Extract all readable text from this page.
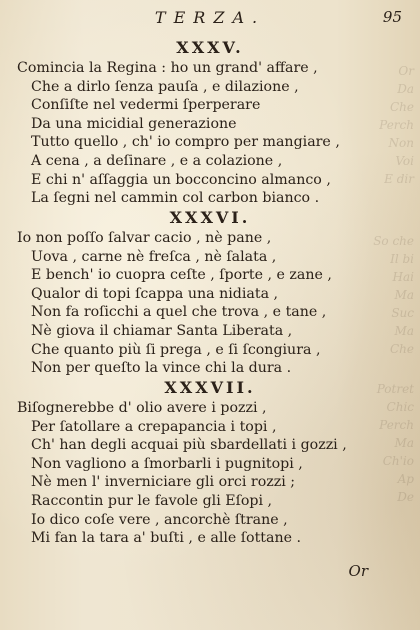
Or
Da
Che
Perch
Non
Voi
E dir
So che
Il bi
Hai
Ma
Suc
Ma
Che
Potret
Chic
Perch
Ma
Ch'io
Ap
De
TERZA.	95
XXXV.
Comincia la Regina : ho un grand' affare ,
Che a dirlo ſenza pauſa , e dilazione ,
Conſiſte nel vedermi ſperperare
Da una micidial generazione
Tutto quello , ch' io compro per mangiare ,
A cena , a deſinare , e a colazione ,
E chi n' aſſaggia un bocconcino almanco ,
La ſegni nel cammin col carbon bianco .
XXXVI.
Io non poſſo ſalvar cacio , nè pane ,
Uova , carne nè freſca , nè ſalata ,
E bench' io cuopra ceſte , ſporte , e zane ,
Qualor di topi ſcappa una nidiata ,
Non fa roſicchi a quel che trova , e tane ,
Nè giova il chiamar Santa Liberata ,
Che quanto più ſi prega , e ſi ſcongiura ,
Non per queſto la vince chi la dura .
XXXVII.
Biſognerebbe d' olio avere i pozzi ,
Per ſatollare a crepapancia i topi ,
Ch' han degli acquai più sbardellati i gozzi ,
Non vagliono a ſmorbarli i pugnitopi ,
Nè men l' inverniciare gli orci rozzi ;
Raccontin pur le favole gli Eſopi ,
Io dico coſe vere , ancorchè ſtrane ,
Mi fan la tara a' buſti , e alle ſottane .
Or
